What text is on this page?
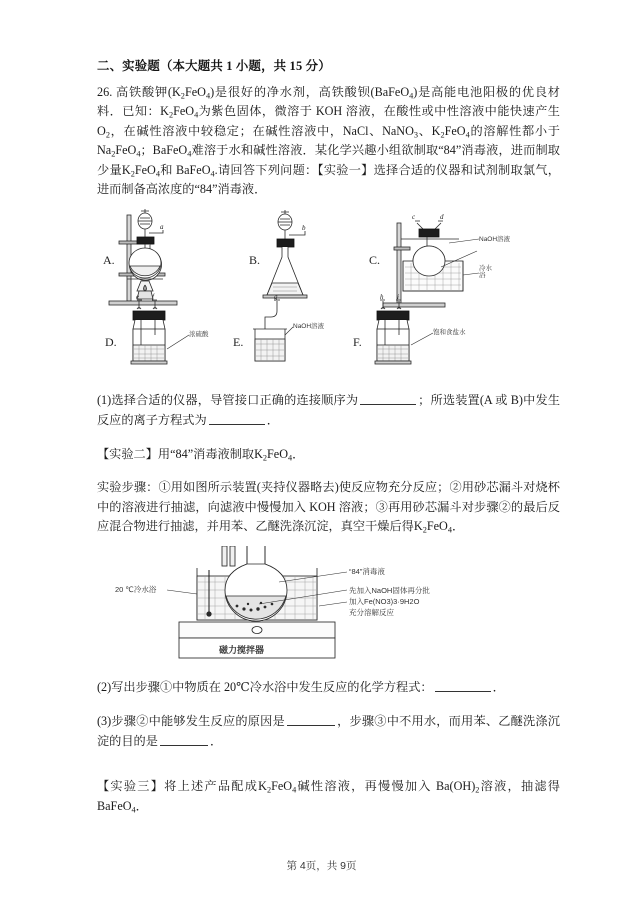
二、实验题（本大题共 1 小题，共 15 分）
26. 高铁酸钾$(K_2FeO_4)$是很好的净水剂，高铁酸钡(BaFeO$_4$)是高能电池阳极的优良材料．已知：$K_2FeO_4$为紫色固体，微溶于 KOH 溶液，在酸性或中性溶液中能快速产生$O_2$，在碱性溶液中较稳定；在碱性溶液中，NaCl、NaNO$_3$、$K_2FeO_4$的溶解性都小于 $Na_2FeO_4$；BaFeO$_4$难溶于水和碱性溶液．某化学兴趣小组欲制取“84”消毒液，进而制取少量$K_2FeO_4$和 BaFeO$_4$.请回答下列问题：【实验一】选择合适的仪器和试剂制取氯气，进而制备高浓度的“84”消毒液．
A.	B.	C.
D.	E.	F.
a	b
c	d
e f	g	h i
NaOH溶液
冷水浴
浓硫酸
NaOH溶液
饱和食盐水
(1)选择合适的仪器，导管接口正确的连接顺序为	；所选装置(A 或 B)中发生反应的离子方程式为	．
【实验二】用“84”消毒液制取$K_2FeO_4$．
实验步骤：①用如图所示装置(夹持仪器略去)使反应物充分反应；②用砂芯漏斗对烧杯中的溶液进行抽滤，向滤液中慢慢加入 KOH 溶液；③再用砂芯漏斗对步骤②的最后反应混合物进行抽滤，并用苯、乙醚洗涤沉淀，真空干燥后得$K_2FeO_4$．
20 ℃冷水浴
“84”消毒液
先加入NaOH固体再分批
加入Fe(NO3)3·9H2O
充分溶解反应
磁力搅拌器
(2)写出步骤①中物质在 20℃冷水浴中发生反应的化学方程式：	．
(3)步骤②中能够发生反应的原因是	，步骤③中不用水，而用苯、乙醚洗涤沉淀的目的是	．
【实验三】将上述产品配成$K_2FeO_4$碱性溶液，再慢慢加入 $Ba(OH)_2$溶液，抽滤得BaFeO$_4$．
第 4页，共 9页
